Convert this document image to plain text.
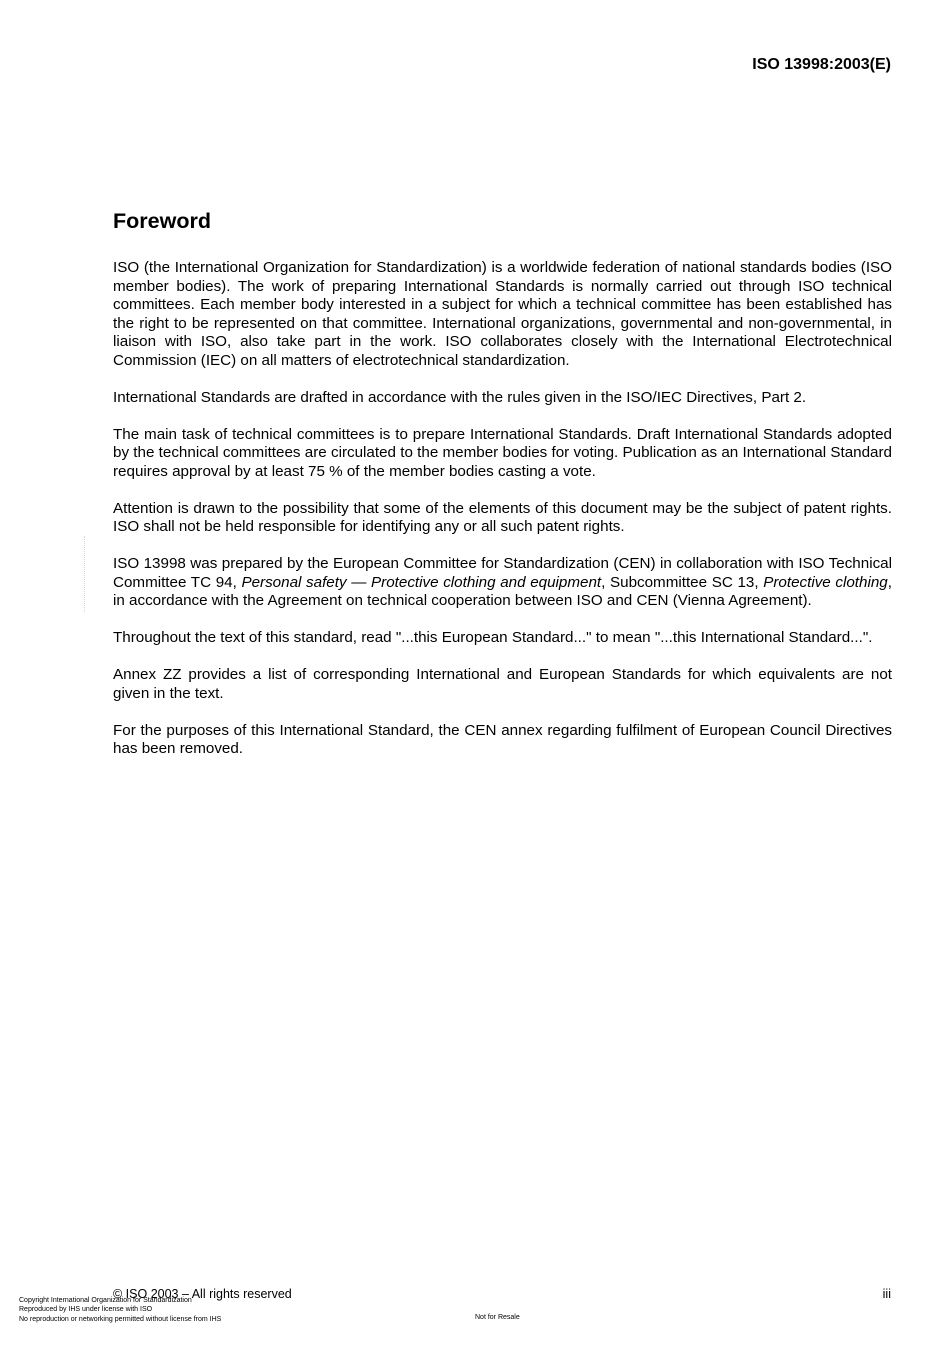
ISO 13998:2003(E)
Foreword

ISO (the International Organization for Standardization) is a worldwide federation of national standards bodies (ISO member bodies). The work of preparing International Standards is normally carried out through ISO technical committees. Each member body interested in a subject for which a technical committee has been established has the right to be represented on that committee. International organizations, governmental and non-governmental, in liaison with ISO, also take part in the work. ISO collaborates closely with the International Electrotechnical Commission (IEC) on all matters of electrotechnical standardization.

International Standards are drafted in accordance with the rules given in the ISO/IEC Directives, Part 2.

The main task of technical committees is to prepare International Standards. Draft International Standards adopted by the technical committees are circulated to the member bodies for voting. Publication as an International Standard requires approval by at least 75 % of the member bodies casting a vote.

Attention is drawn to the possibility that some of the elements of this document may be the subject of patent rights. ISO shall not be held responsible for identifying any or all such patent rights.

ISO 13998 was prepared by the European Committee for Standardization (CEN) in collaboration with ISO Technical Committee TC 94, Personal safety — Protective clothing and equipment, Subcommittee SC 13, Protective clothing, in accordance with the Agreement on technical cooperation between ISO and CEN (Vienna Agreement).

Throughout the text of this standard, read "...this European Standard..." to mean "...this International Standard...".

Annex ZZ provides a list of corresponding International and European Standards for which equivalents are not given in the text.

For the purposes of this International Standard, the CEN annex regarding fulfilment of European Council Directives has been removed.

© ISO 2003 – All rights reserved	iii
Copyright International Organization for Standardization
Reproduced by IHS under license with ISO
No reproduction or networking permitted without license from IHS	Not for Resale
